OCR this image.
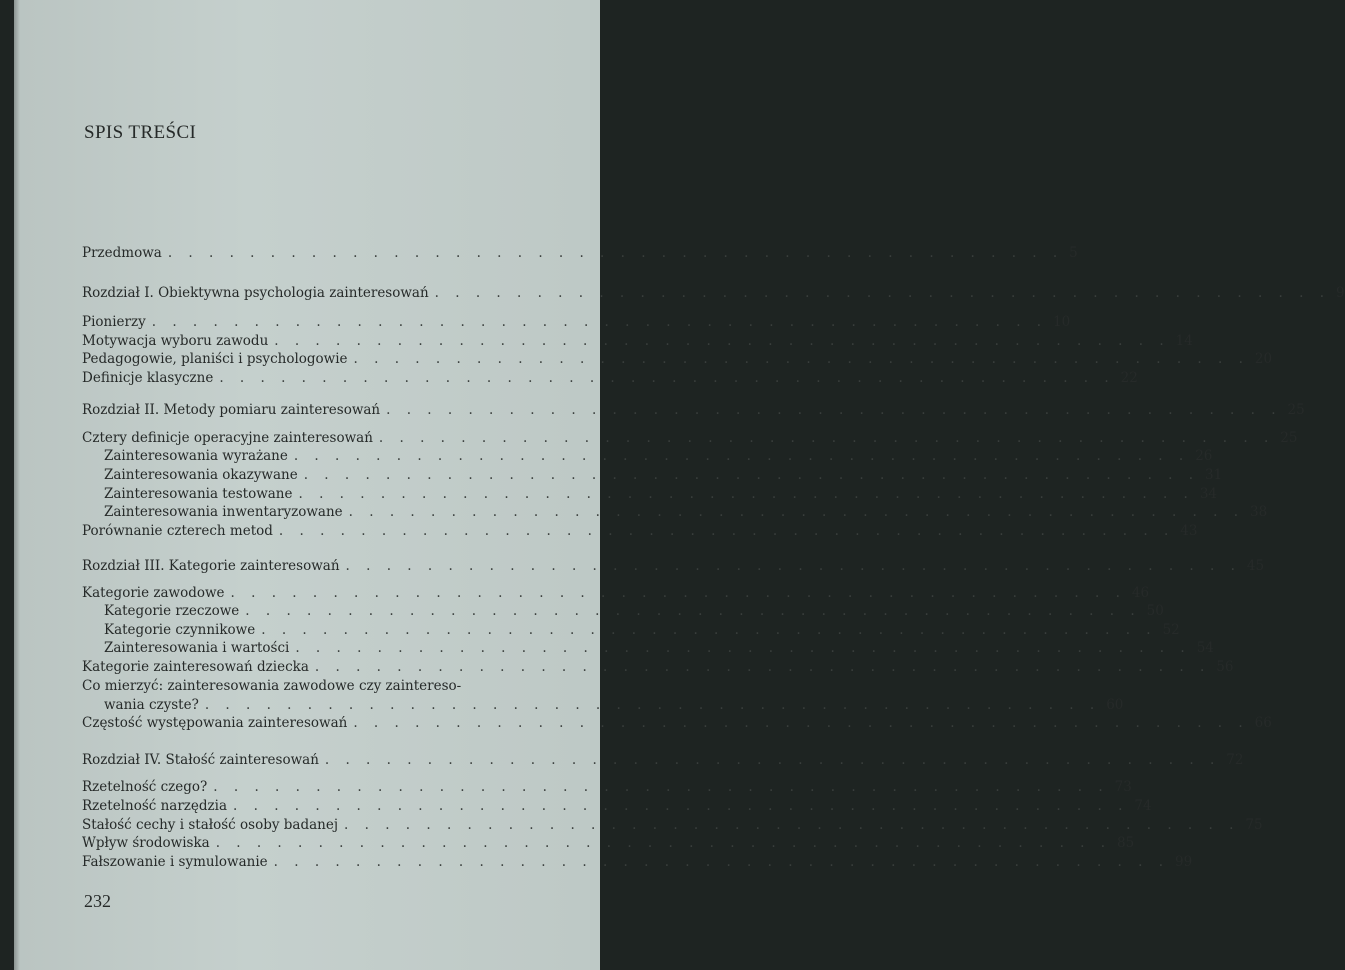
SPIS TREŚCI
Przedmowa . . . . . . . . . . . . . . . . . . . . . . . . . . . . . . . . . . . . . . . . . . . . 5
Rozdział I. Obiektywna psychologia zainteresowań . . . . . . . . . . . . . . . . . . . . . . . . . . . . . . . . . . . . . . . . . . . . 9
Pionierzy . . . . . . . . . . . . . . . . . . . . . . . . . . . . . . . . . . . . . . . . . . . . 10
Motywacja wyboru zawodu . . . . . . . . . . . . . . . . . . . . . . . . . . . . . . . . . . . . . . . . . . . . 14
Pedagogowie, planiści i psychologowie . . . . . . . . . . . . . . . . . . . . . . . . . . . . . . . . . . . . . . . . . . . . 20
Definicje klasyczne . . . . . . . . . . . . . . . . . . . . . . . . . . . . . . . . . . . . . . . . . . . . 22
Rozdział II. Metody pomiaru zainteresowań . . . . . . . . . . . . . . . . . . . . . . . . . . . . . . . . . . . . . . . . . . . . 25
Cztery definicje operacyjne zainteresowań . . . . . . . . . . . . . . . . . . . . . . . . . . . . . . . . . . . . . . . . . . . . 25
Zainteresowania wyrażane . . . . . . . . . . . . . . . . . . . . . . . . . . . . . . . . . . . . . . . . . . . . 26
Zainteresowania okazywane . . . . . . . . . . . . . . . . . . . . . . . . . . . . . . . . . . . . . . . . . . . . 31
Zainteresowania testowane . . . . . . . . . . . . . . . . . . . . . . . . . . . . . . . . . . . . . . . . . . . . 34
Zainteresowania inwentaryzowane . . . . . . . . . . . . . . . . . . . . . . . . . . . . . . . . . . . . . . . . . . . . 38
Porównanie czterech metod . . . . . . . . . . . . . . . . . . . . . . . . . . . . . . . . . . . . . . . . . . . . 43
Rozdział III. Kategorie zainteresowań . . . . . . . . . . . . . . . . . . . . . . . . . . . . . . . . . . . . . . . . . . . . 45
Kategorie zawodowe . . . . . . . . . . . . . . . . . . . . . . . . . . . . . . . . . . . . . . . . . . . . 46
Kategorie rzeczowe . . . . . . . . . . . . . . . . . . . . . . . . . . . . . . . . . . . . . . . . . . . . 50
Kategorie czynnikowe . . . . . . . . . . . . . . . . . . . . . . . . . . . . . . . . . . . . . . . . . . . . 52
Zainteresowania i wartości . . . . . . . . . . . . . . . . . . . . . . . . . . . . . . . . . . . . . . . . . . . . 54
Kategorie zainteresowań dziecka . . . . . . . . . . . . . . . . . . . . . . . . . . . . . . . . . . . . . . . . . . . . 56
Co mierzyć: zainteresowania zawodowe czy zaintereso-
wania czyste? . . . . . . . . . . . . . . . . . . . . . . . . . . . . . . . . . . . . . . . . . . . . 60
Częstość występowania zainteresowań . . . . . . . . . . . . . . . . . . . . . . . . . . . . . . . . . . . . . . . . . . . . 66
Rozdział IV. Stałość zainteresowań . . . . . . . . . . . . . . . . . . . . . . . . . . . . . . . . . . . . . . . . . . . . 72
Rzetelność czego? . . . . . . . . . . . . . . . . . . . . . . . . . . . . . . . . . . . . . . . . . . . . 73
Rzetelność narzędzia . . . . . . . . . . . . . . . . . . . . . . . . . . . . . . . . . . . . . . . . . . . . 74
Stałość cechy i stałość osoby badanej . . . . . . . . . . . . . . . . . . . . . . . . . . . . . . . . . . . . . . . . . . . . 75
Wpływ środowiska . . . . . . . . . . . . . . . . . . . . . . . . . . . . . . . . . . . . . . . . . . . . 85
Fałszowanie i symulowanie . . . . . . . . . . . . . . . . . . . . . . . . . . . . . . . . . . . . . . . . . . . . 99
232
